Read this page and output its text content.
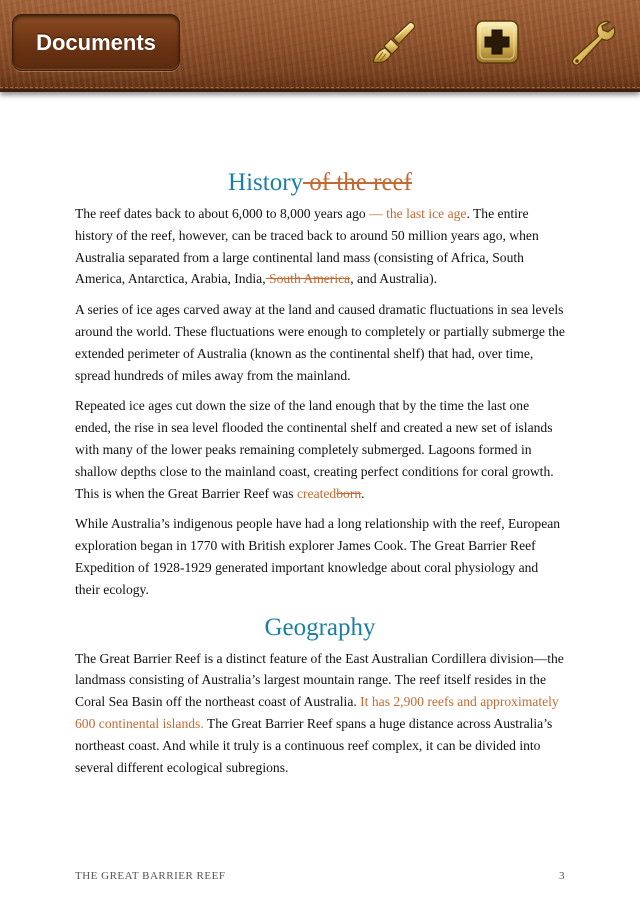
Documents
History of the reef

The reef dates back to about 6,000 to 8,000 years ago — the last ice age. The entire history of the reef, however, can be traced back to around 50 million years ago, when Australia separated from a large continental land mass (consisting of Africa, South America, Antarctica, Arabia, India, South America, and Australia).

A series of ice ages carved away at the land and caused dramatic fluctuations in sea levels around the world. These fluctuations were enough to completely or partially submerge the extended perimeter of Australia (known as the continental shelf) that had, over time, spread hundreds of miles away from the mainland.

Repeated ice ages cut down the size of the land enough that by the time the last one ended, the rise in sea level flooded the continental shelf and created a new set of islands with many of the lower peaks remaining completely submerged. Lagoons formed in shallow depths close to the mainland coast, creating perfect conditions for coral growth. This is when the Great Barrier Reef was createdborn.

While Australia’s indigenous people have had a long relationship with the reef, European exploration began in 1770 with British explorer James Cook. The Great Barrier Reef Expedition of 1928-1929 generated important knowledge about coral physiology and their ecology.

Geography

The Great Barrier Reef is a distinct feature of the East Australian Cordillera division—the landmass consisting of Australia’s largest mountain range. The reef itself resides in the Coral Sea Basin off the northeast coast of Australia. It has 2,900 reefs and approximately 600 continental islands. The Great Barrier Reef spans a huge distance across Australia’s northeast coast. And while it truly is a continuous reef complex, it can be divided into several different ecological subregions.

THE GREAT BARRIER REEF	3
